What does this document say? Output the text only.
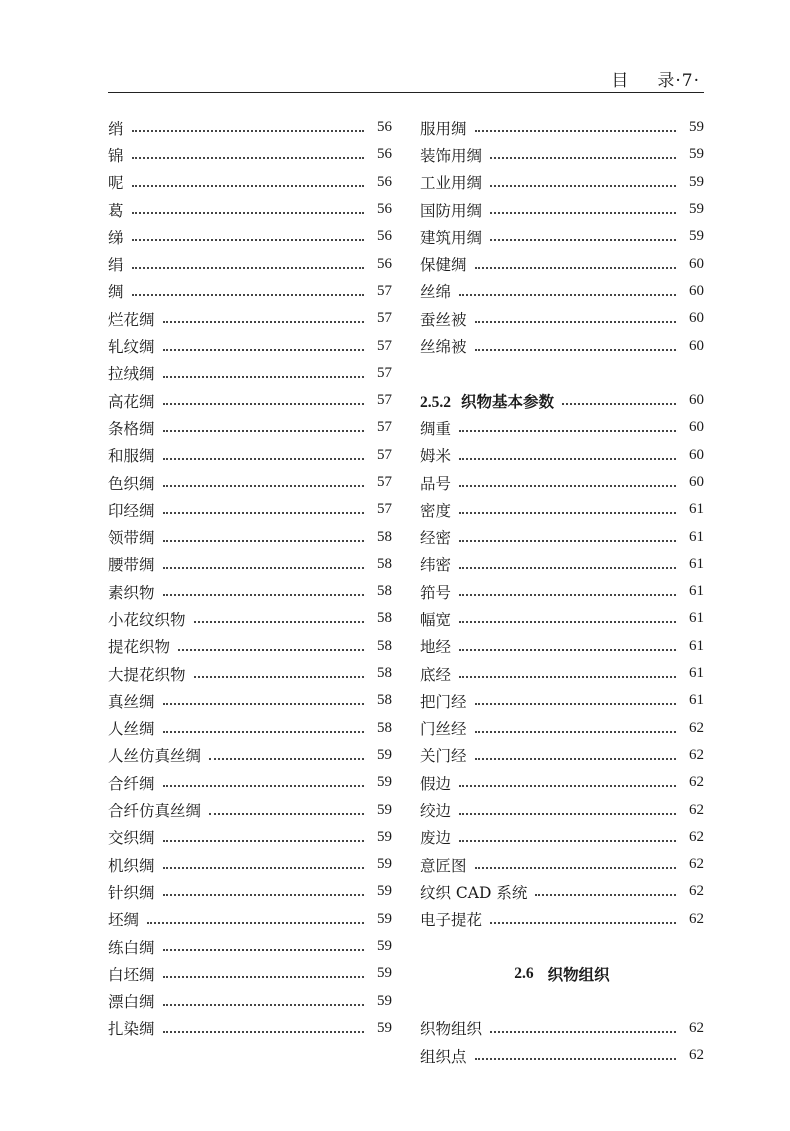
目 录·7·
绡	56
锦	56
呢	56
葛	56
绨	56
绢	56
绸	57
烂花绸	57
轧纹绸	57
拉绒绸	57
高花绸	57
条格绸	57
和服绸	57
色织绸	57
印经绸	57
领带绸	58
腰带绸	58
素织物	58
小花纹织物	58
提花织物	58
大提花织物	58
真丝绸	58
人丝绸	58
人丝仿真丝绸	59
合纤绸	59
合纤仿真丝绸	59
交织绸	59
机织绸	59
针织绸	59
坯绸	59
练白绸	59
白坯绸	59
漂白绸	59
扎染绸	59
服用绸	59
装饰用绸	59
工业用绸	59
国防用绸	59
建筑用绸	59
保健绸	60
丝绵	60
蚕丝被	60
丝绵被	60
2.5.2 织物基本参数	60
绸重	60
姆米	60
品号	60
密度	61
经密	61
纬密	61
筘号	61
幅宽	61
地经	61
底经	61
把门经	61
门丝经	62
关门经	62
假边	62
绞边	62
废边	62
意匠图	62
纹织 CAD 系统	62
电子提花	62
2.6 织物组织
织物组织	62
组织点	62
